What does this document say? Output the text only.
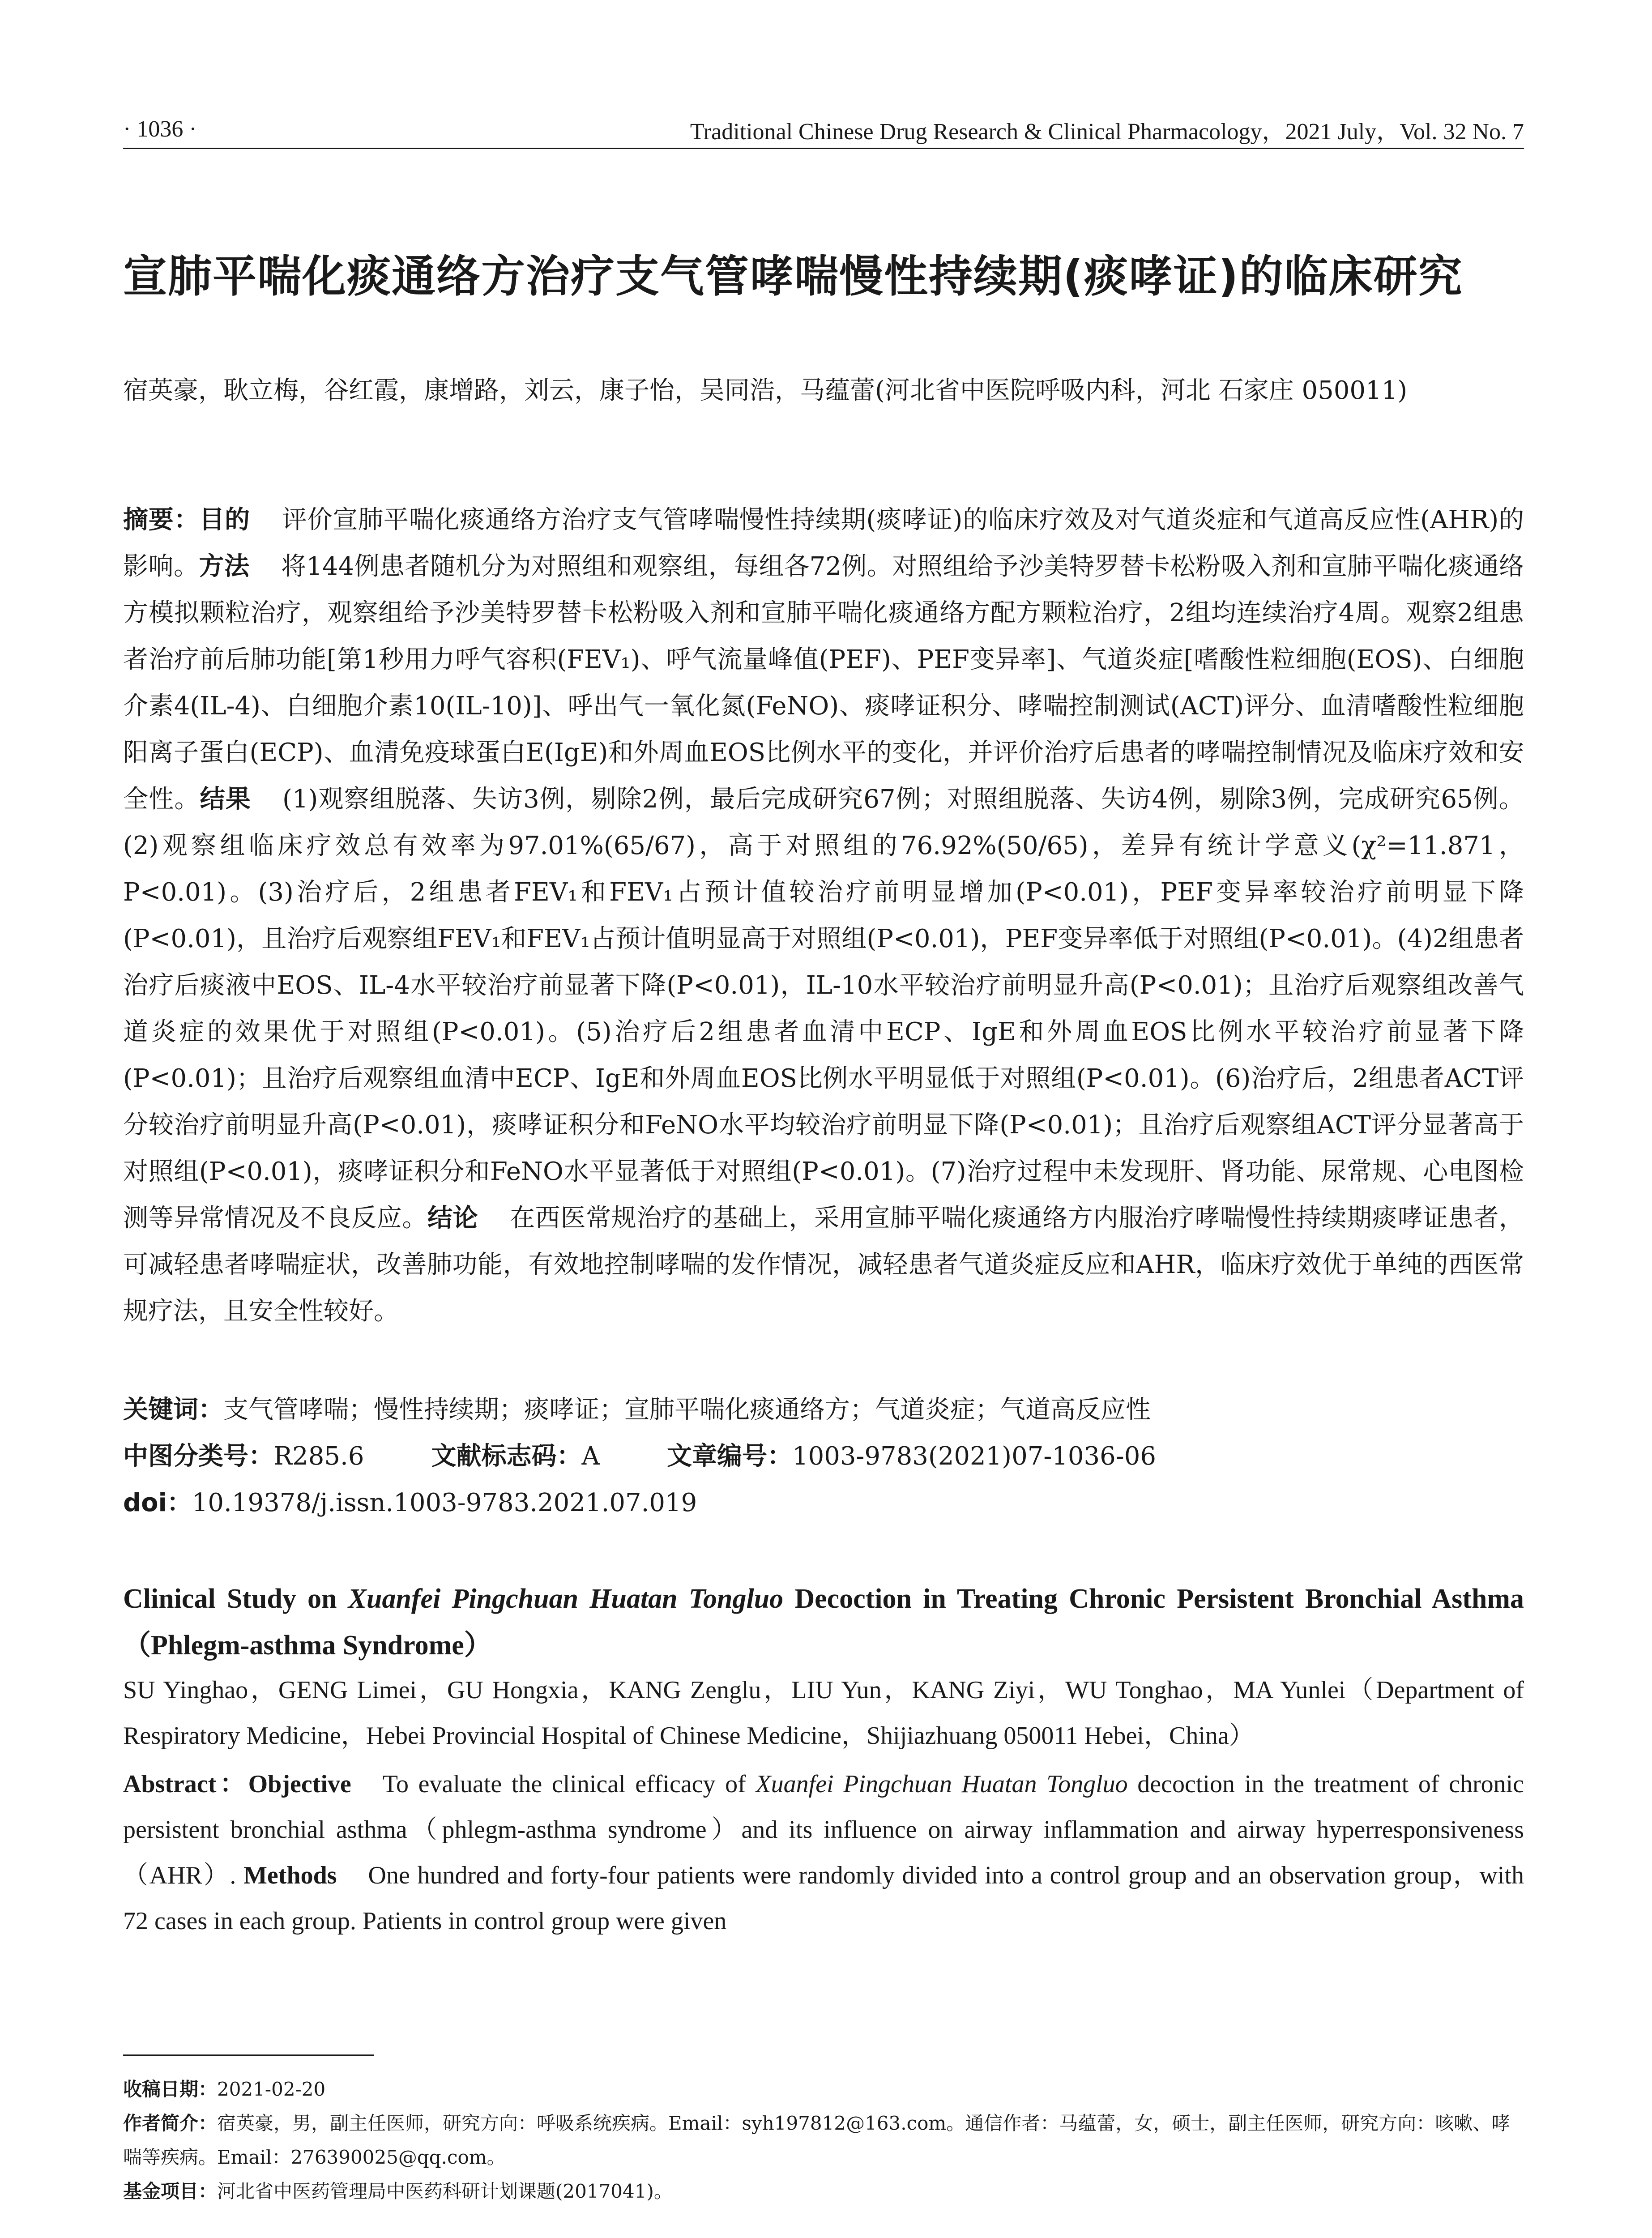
· 1036 ·	Traditional Chinese Drug Research & Clinical Pharmacology，2021 July，Vol. 32 No. 7
宣肺平喘化痰通络方治疗支气管哮喘慢性持续期(痰哮证)的临床研究
宿英豪，耿立梅，谷红霞，康增路，刘云，康子怡，吴同浩，马蕴蕾(河北省中医院呼吸内科，河北 石家庄 050011)
摘要：目的 评价宣肺平喘化痰通络方治疗支气管哮喘慢性持续期(痰哮证)的临床疗效及对气道炎症和气道高反应性(AHR)的影响。方法 将144例患者随机分为对照组和观察组，每组各72例。对照组给予沙美特罗替卡松粉吸入剂和宣肺平喘化痰通络方模拟颗粒治疗，观察组给予沙美特罗替卡松粉吸入剂和宣肺平喘化痰通络方配方颗粒治疗，2组均连续治疗4周。观察2组患者治疗前后肺功能[第1秒用力呼气容积(FEV₁)、呼气流量峰值(PEF)、PEF变异率]、气道炎症[嗜酸性粒细胞(EOS)、白细胞介素4(IL-4)、白细胞介素10(IL-10)]、呼出气一氧化氮(FeNO)、痰哮证积分、哮喘控制测试(ACT)评分、血清嗜酸性粒细胞阳离子蛋白(ECP)、血清免疫球蛋白E(IgE)和外周血EOS比例水平的变化，并评价治疗后患者的哮喘控制情况及临床疗效和安全性。结果 (1)观察组脱落、失访3例，剔除2例，最后完成研究67例；对照组脱落、失访4例，剔除3例，完成研究65例。(2)观察组临床疗效总有效率为97.01%(65/67)，高于对照组的76.92%(50/65)，差异有统计学意义(χ²=11.871，P<0.01)。(3)治疗后，2组患者FEV₁和FEV₁占预计值较治疗前明显增加(P<0.01)，PEF变异率较治疗前明显下降(P<0.01)，且治疗后观察组FEV₁和FEV₁占预计值明显高于对照组(P<0.01)，PEF变异率低于对照组(P<0.01)。(4)2组患者治疗后痰液中EOS、IL-4水平较治疗前显著下降(P<0.01)，IL-10水平较治疗前明显升高(P<0.01)；且治疗后观察组改善气道炎症的效果优于对照组(P<0.01)。(5)治疗后2组患者血清中ECP、IgE和外周血EOS比例水平较治疗前显著下降(P<0.01)；且治疗后观察组血清中ECP、IgE和外周血EOS比例水平明显低于对照组(P<0.01)。(6)治疗后，2组患者ACT评分较治疗前明显升高(P<0.01)，痰哮证积分和FeNO水平均较治疗前明显下降(P<0.01)；且治疗后观察组ACT评分显著高于对照组(P<0.01)，痰哮证积分和FeNO水平显著低于对照组(P<0.01)。(7)治疗过程中未发现肝、肾功能、尿常规、心电图检测等异常情况及不良反应。结论 在西医常规治疗的基础上，采用宣肺平喘化痰通络方内服治疗哮喘慢性持续期痰哮证患者，可减轻患者哮喘症状，改善肺功能，有效地控制哮喘的发作情况，减轻患者气道炎症反应和AHR，临床疗效优于单纯的西医常规疗法，且安全性较好。
关键词：支气管哮喘；慢性持续期；痰哮证；宣肺平喘化痰通络方；气道炎症；气道高反应性
中图分类号：R285.6	文献标志码：A	文章编号：1003-9783(2021)07-1036-06
doi：10.19378/j.issn.1003-9783.2021.07.019
Clinical Study on Xuanfei Pingchuan Huatan Tongluo Decoction in Treating Chronic Persistent Bronchial Asthma（Phlegm-asthma Syndrome）
SU Yinghao，GENG Limei，GU Hongxia，KANG Zenglu，LIU Yun，KANG Ziyi，WU Tonghao，MA Yunlei（Department of Respiratory Medicine，Hebei Provincial Hospital of Chinese Medicine，Shijiazhuang 050011 Hebei，China）
Abstract：Objective To evaluate the clinical efficacy of Xuanfei Pingchuan Huatan Tongluo decoction in the treatment of chronic persistent bronchial asthma（phlegm-asthma syndrome）and its influence on airway inflammation and airway hyperresponsiveness（AHR）. Methods One hundred and forty-four patients were randomly divided into a control group and an observation group，with 72 cases in each group. Patients in control group were given
收稿日期：2021-02-20
作者简介：宿英豪，男，副主任医师，研究方向：呼吸系统疾病。Email：syh197812@163.com。通信作者：马蕴蕾，女，硕士，副主任医师，研究方向：咳嗽、哮喘等疾病。Email：276390025@qq.com。
基金项目：河北省中医药管理局中医药科研计划课题(2017041)。
